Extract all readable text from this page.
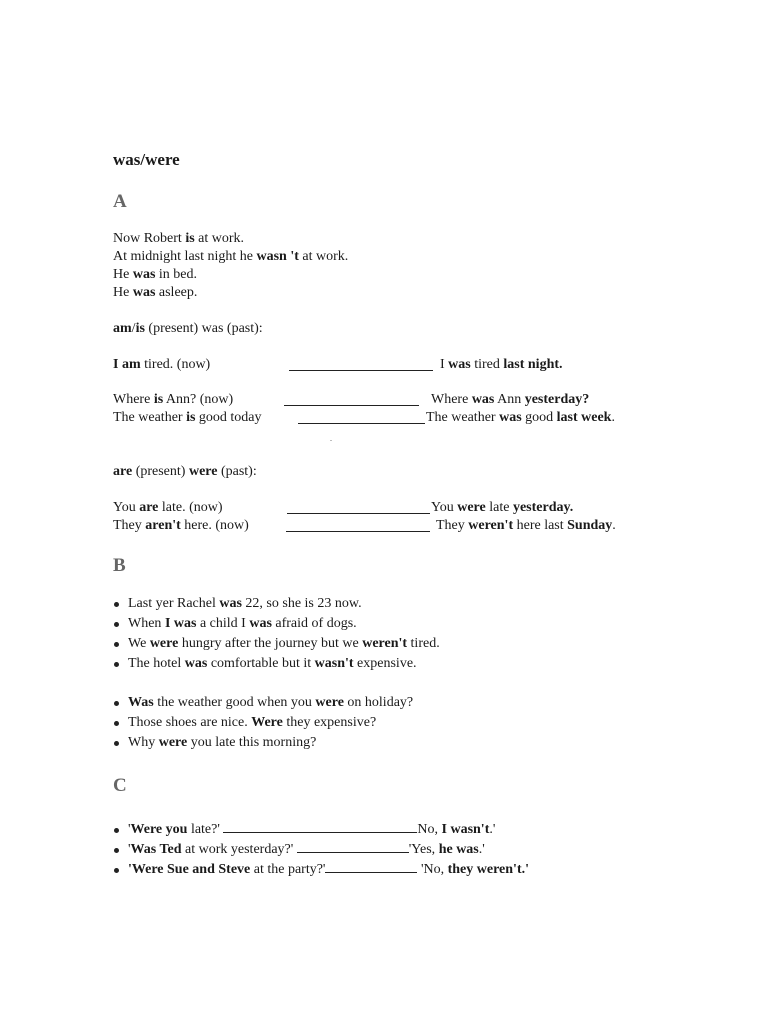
was/were
A
Now Robert is at work.
At midnight last night he wasn 't at work.
He was in bed.
He was asleep.
am/is (present) was (past):
I am tired. (now)	I was tired last night.
Where is Ann? (now)	Where was Ann yesterday?
The weather is good today	The weather was good last week.
.
are (present) were (past):
You are late. (now)	You were late yesterday.
They aren't here. (now)	They weren't here last Sunday.
B
Last yer Rachel was 22, so she is 23 now.
When I was a child I was afraid of dogs.
We were hungry after the journey but we weren't tired.
The hotel was comfortable but it wasn't expensive.
Was the weather good when you were on holiday?
Those shoes are nice. Were they expensive?
Why were you late this morning?
C
'Were you late?'	No, I wasn't.'
'Was Ted at work yesterday?'	'Yes, he was.'
'Were Sue and Steve at the party?'	'No, they weren't.'
